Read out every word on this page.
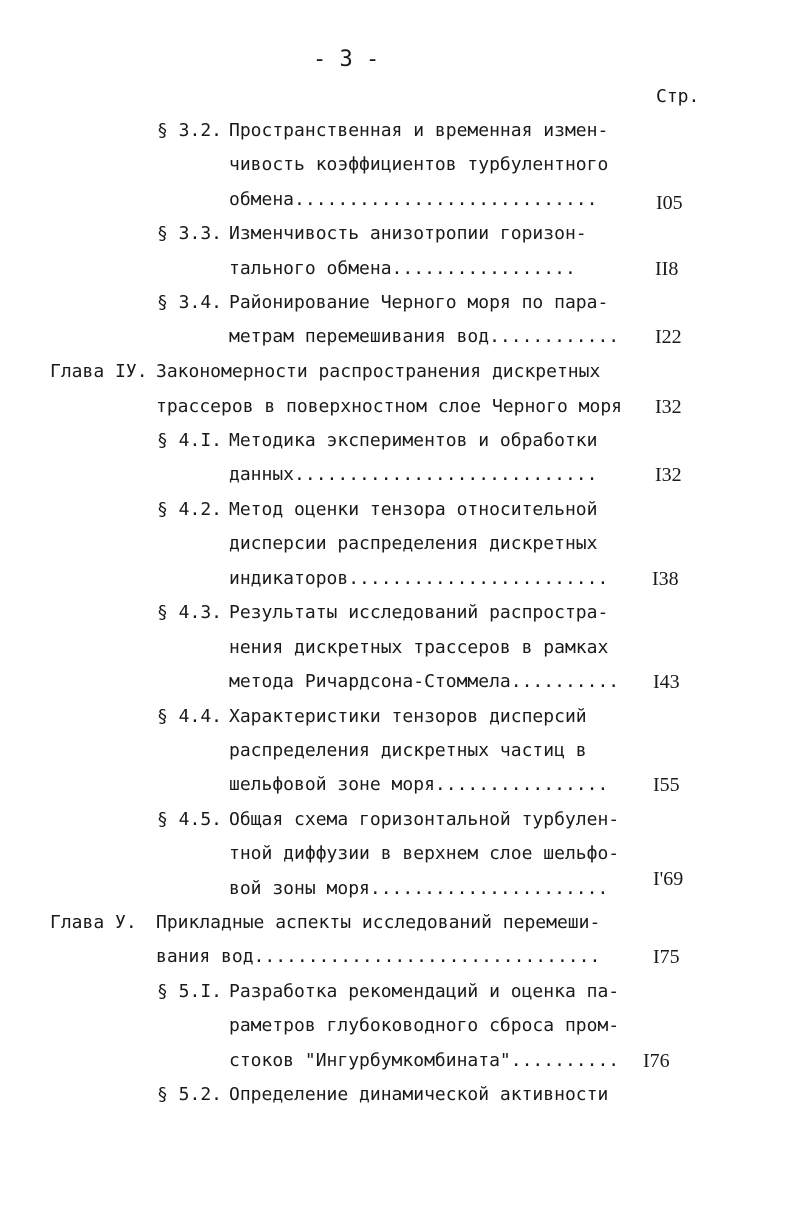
- 3 -
Стр.
§ 3.2. Пространственная и временная измен-
чивость коэффициентов турбулентного
обмена............................	I05
§ 3.3. Изменчивость анизотропии горизон-
тального обмена.................	II8
§ 3.4. Районирование Черного моря по пара-
метрам перемешивания вод............ I22
Глава IУ. Закономерности распространения дискретных
трассеров в поверхностном слое Черного моря I32
§ 4.I. Методика экспериментов и обработки
данных............................	I32
§ 4.2. Метод оценки тензора относительной
дисперсии распределения дискретных
индикаторов........................ I38
§ 4.3. Результаты исследований распростра-
нения дискретных трассеров в рамках
метода Ричардсона-Стоммела.......... I43
§ 4.4. Характеристики тензоров дисперсий
распределения дискретных частиц в
шельфовой зоне моря................ I55
§ 4.5. Общая схема горизонтальной турбулен-
тной диффузии в верхнем слое шельфо-
вой зоны моря...................... I'69
Глава У. Прикладные аспекты исследований перемеши-
вания вод................................	I75
§ 5.I. Разработка рекомендаций и оценка па-
раметров глубоководного сброса пром-
стоков "Ингурбумкомбината".......... I76
§ 5.2. Определение динамической активности
